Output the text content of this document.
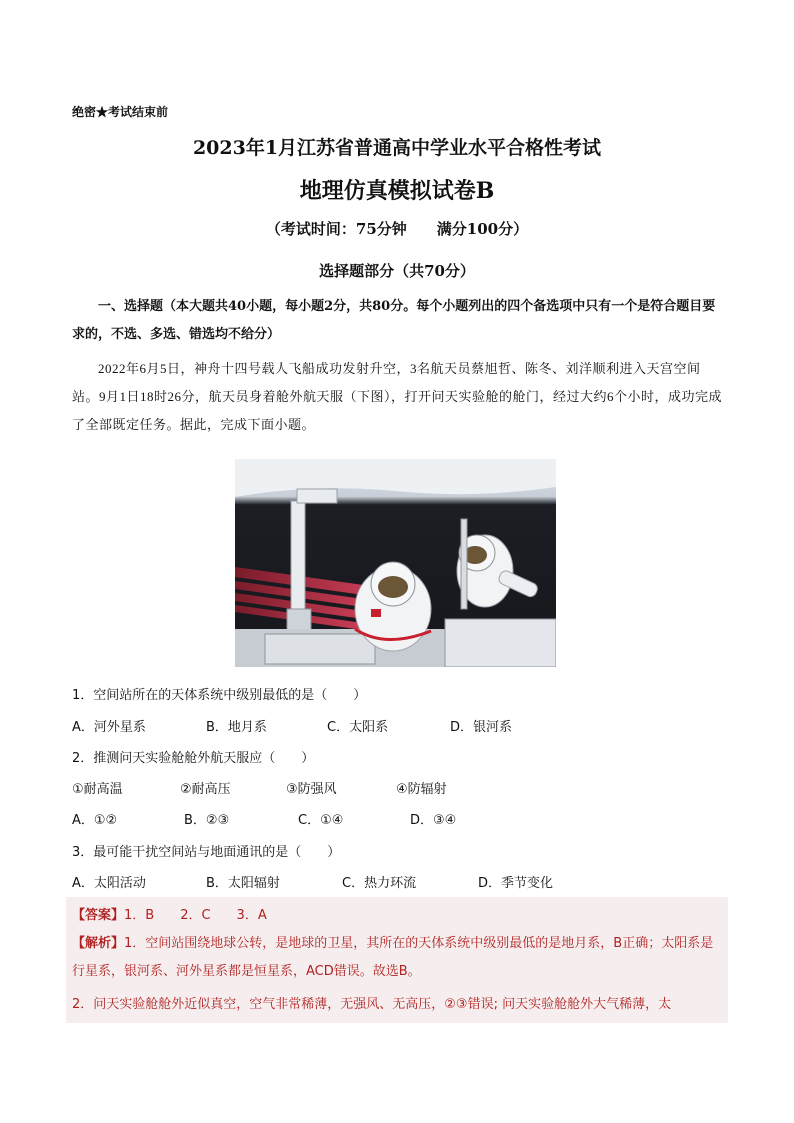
绝密★考试结束前
2023年1月江苏省普通高中学业水平合格性考试
地理仿真模拟试卷B
（考试时间：75分钟　　满分100分）
选择题部分（共70分）
一、选择题（本大题共40小题，每小题2分，共80分。每个小题列出的四个备选项中只有一个是符合题目要求的，不选、多选、错选均不给分）
2022年6月5日，神舟十四号载人飞船成功发射升空，3名航天员蔡旭哲、陈冬、刘洋顺利进入天宫空间站。9月1日18时26分，航天员身着舱外航天服（下图），打开问天实验舱的舱门，经过大约6个小时，成功完成了全部既定任务。据此，完成下面小题。
1．空间站所在的天体系统中级别最低的是（　　）
A．河外星系	B．地月系	C．太阳系	D．银河系
2．推测问天实验舱舱外航天服应（　　）
①耐高温	②耐高压	③防强风	④防辐射
A．①②	B．②③	C．①④	D．③④
3．最可能干扰空间站与地面通讯的是（　　）
A．太阳活动	B．太阳辐射	C．热力环流	D．季节变化
【答案】1．B　　2．C　　3．A
【解析】1．空间站围绕地球公转，是地球的卫星，其所在的天体系统中级别最低的是地月系，B正确；太阳系是行星系，银河系、河外星系都是恒星系，ACD错误。故选B。
2．问天实验舱舱外近似真空，空气非常稀薄，无强风、无高压，②③错误; 问天实验舱舱外大气稀薄，太
